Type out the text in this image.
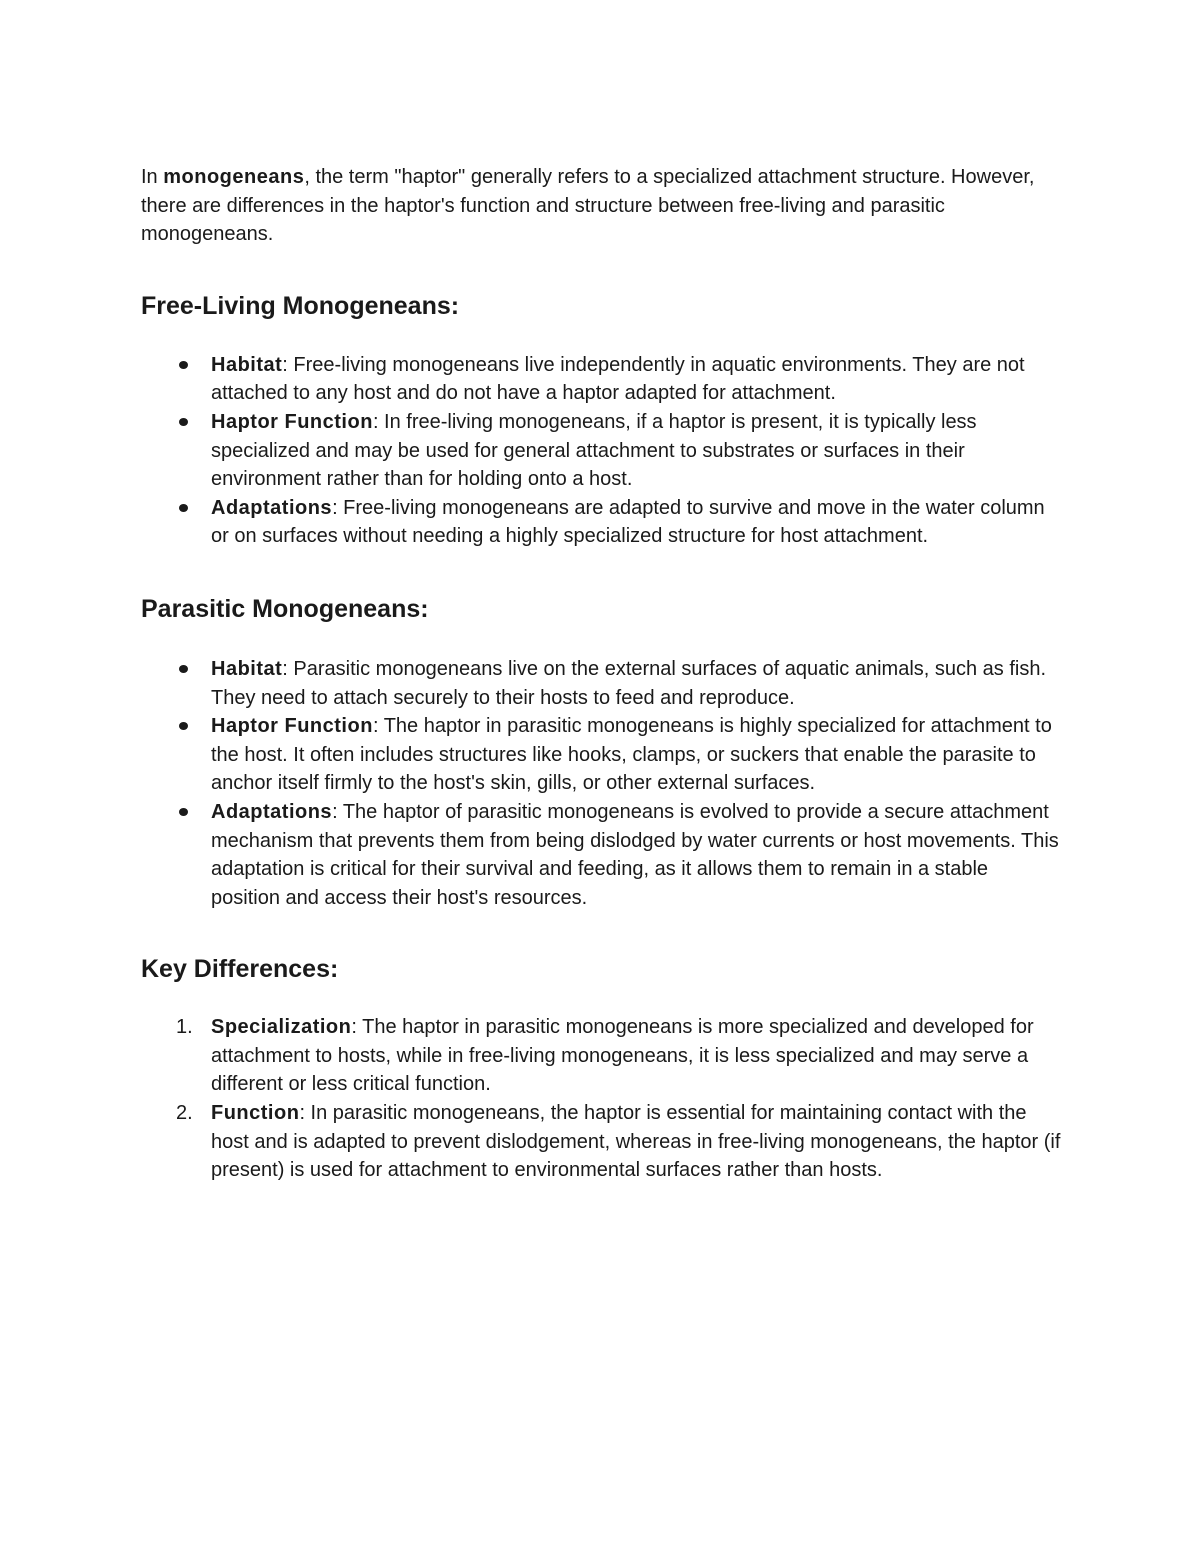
In monogeneans, the term "haptor" generally refers to a specialized attachment structure. However, there are differences in the haptor's function and structure between free-living and parasitic monogeneans.

Free-Living Monogeneans:
Habitat: Free-living monogeneans live independently in aquatic environments. They are not attached to any host and do not have a haptor adapted for attachment.
Haptor Function: In free-living monogeneans, if a haptor is present, it is typically less specialized and may be used for general attachment to substrates or surfaces in their environment rather than for holding onto a host.
Adaptations: Free-living monogeneans are adapted to survive and move in the water column or on surfaces without needing a highly specialized structure for host attachment.
Parasitic Monogeneans:
Habitat: Parasitic monogeneans live on the external surfaces of aquatic animals, such as fish. They need to attach securely to their hosts to feed and reproduce.
Haptor Function: The haptor in parasitic monogeneans is highly specialized for attachment to the host. It often includes structures like hooks, clamps, or suckers that enable the parasite to anchor itself firmly to the host's skin, gills, or other external surfaces.
Adaptations: The haptor of parasitic monogeneans is evolved to provide a secure attachment mechanism that prevents them from being dislodged by water currents or host movements. This adaptation is critical for their survival and feeding, as it allows them to remain in a stable position and access their host's resources.
Key Differences:
1. Specialization: The haptor in parasitic monogeneans is more specialized and developed for attachment to hosts, while in free-living monogeneans, it is less specialized and may serve a different or less critical function.
2. Function: In parasitic monogeneans, the haptor is essential for maintaining contact with the host and is adapted to prevent dislodgement, whereas in free-living monogeneans, the haptor (if present) is used for attachment to environmental surfaces rather than hosts.
